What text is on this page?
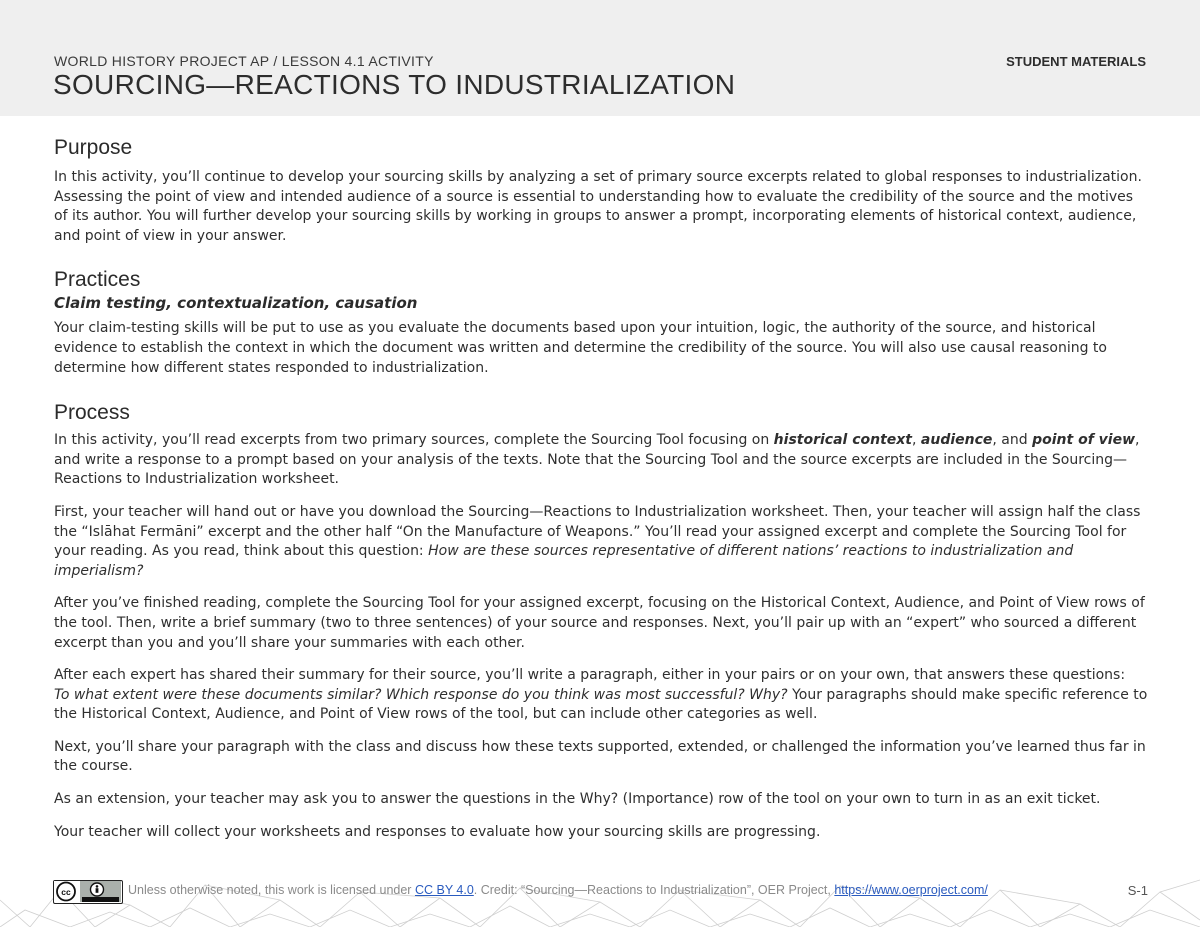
WORLD HISTORY PROJECT AP / LESSON 4.1 ACTIVITY
SOURCING—REACTIONS TO INDUSTRIALIZATION
STUDENT MATERIALS
Purpose

In this activity, you’ll continue to develop your sourcing skills by analyzing a set of primary source excerpts related to global responses to industrialization. Assessing the point of view and intended audience of a source is essential to understanding how to evaluate the credibility of the source and the motives of its author. You will further develop your sourcing skills by working in groups to answer a prompt, incorporating elements of historical context, audience, and point of view in your answer.

Practices
Claim testing, contextualization, causation

Your claim-testing skills will be put to use as you evaluate the documents based upon your intuition, logic, the authority of the source, and historical evidence to establish the context in which the document was written and determine the credibility of the source. You will also use causal reasoning to determine how different states responded to industrialization.

Process

In this activity, you’ll read excerpts from two primary sources, complete the Sourcing Tool focusing on historical context, audience, and point of view, and write a response to a prompt based on your analysis of the texts. Note that the Sourcing Tool and the source excerpts are included in the Sourcing—Reactions to Industrialization worksheet.

First, your teacher will hand out or have you download the Sourcing—Reactions to Industrialization worksheet. Then, your teacher will assign half the class the “Islāhat Fermāni” excerpt and the other half “On the Manufacture of Weapons.” You’ll read your assigned excerpt and complete the Sourcing Tool for your reading. As you read, think about this question: How are these sources representative of different nations’ reactions to industrialization and imperialism?

After you’ve finished reading, complete the Sourcing Tool for your assigned excerpt, focusing on the Historical Context, Audience, and Point of View rows of the tool. Then, write a brief summary (two to three sentences) of your source and responses. Next, you’ll pair up with an “expert” who sourced a different excerpt than you and you’ll share your summaries with each other.

After each expert has shared their summary for their source, you’ll write a paragraph, either in your pairs or on your own, that answers these questions:
To what extent were these documents similar? Which response do you think was most successful? Why? Your paragraphs should make specific reference to the Historical Context, Audience, and Point of View rows of the tool, but can include other categories as well.

Next, you’ll share your paragraph with the class and discuss how these texts supported, extended, or challenged the information you’ve learned thus far in the course.

As an extension, your teacher may ask you to answer the questions in the Why? (Importance) row of the tool on your own to turn in as an exit ticket.

Your teacher will collect your worksheets and responses to evaluate how your sourcing skills are progressing.

cc	Unless otherwise noted, this work is licensed under CC BY 4.0. Credit: “Sourcing—Reactions to Industrialization”, OER Project, https://www.oerproject.com/	S-1
